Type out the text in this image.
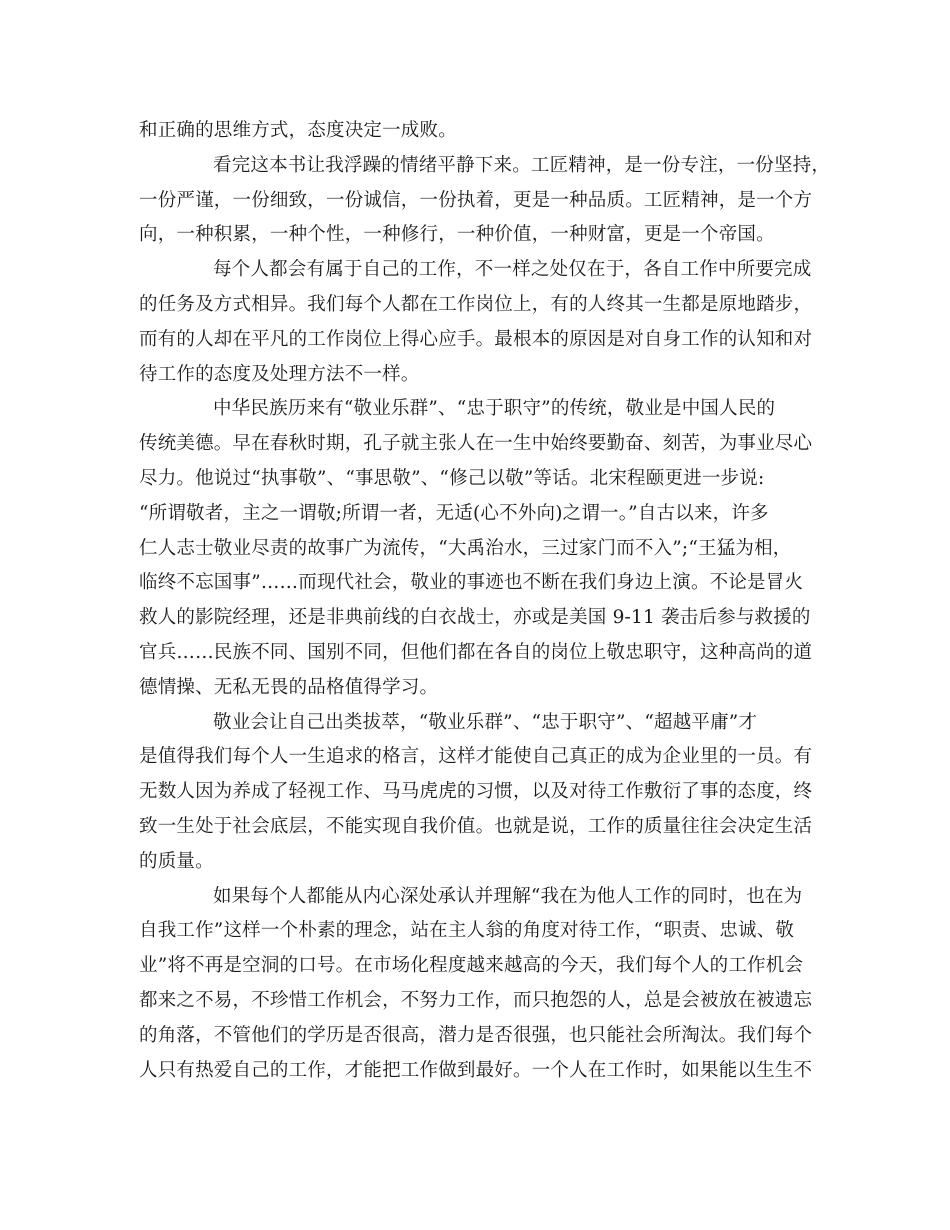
和正确的思维方式，态度决定一成败。
看完这本书让我浮躁的情绪平静下来。工匠精神，是一份专注，一份坚持，
一份严谨，一份细致，一份诚信，一份执着，更是一种品质。工匠精神，是一个方
向，一种积累，一种个性，一种修行，一种价值，一种财富，更是一个帝国。
每个人都会有属于自己的工作，不一样之处仅在于，各自工作中所要完成
的任务及方式相异。我们每个人都在工作岗位上，有的人终其一生都是原地踏步，
而有的人却在平凡的工作岗位上得心应手。最根本的原因是对自身工作的认知和对
待工作的态度及处理方法不一样。
中华民族历来有“敬业乐群”、“忠于职守”的传统，敬业是中国人民的
传统美德。早在春秋时期，孔子就主张人在一生中始终要勤奋、刻苦，为事业尽心
尽力。他说过“执事敬”、“事思敬”、“修己以敬”等话。北宋程颐更进一步说:
“所谓敬者，主之一谓敬;所谓一者，无适(心不外向)之谓一。”自古以来，许多
仁人志士敬业尽责的故事广为流传，“大禹治水，三过家门而不入”;“王猛为相，
临终不忘国事”……而现代社会，敬业的事迹也不断在我们身边上演。不论是冒火
救人的影院经理，还是非典前线的白衣战士，亦或是美国 9-11 袭击后参与救援的
官兵……民族不同、国别不同，但他们都在各自的岗位上敬忠职守，这种高尚的道
德情操、无私无畏的品格值得学习。
敬业会让自己出类拔萃，“敬业乐群”、“忠于职守”、“超越平庸”才
是值得我们每个人一生追求的格言，这样才能使自己真正的成为企业里的一员。有
无数人因为养成了轻视工作、马马虎虎的习惯，以及对待工作敷衍了事的态度，终
致一生处于社会底层，不能实现自我价值。也就是说，工作的质量往往会决定生活
的质量。
如果每个人都能从内心深处承认并理解“我在为他人工作的同时，也在为
自我工作”这样一个朴素的理念，站在主人翁的角度对待工作，“职责、忠诚、敬
业”将不再是空洞的口号。在市场化程度越来越高的今天，我们每个人的工作机会
都来之不易，不珍惜工作机会，不努力工作，而只抱怨的人，总是会被放在被遗忘
的角落，不管他们的学历是否很高，潜力是否很强，也只能社会所淘汰。我们每个
人只有热爱自己的工作，才能把工作做到最好。一个人在工作时，如果能以生生不
